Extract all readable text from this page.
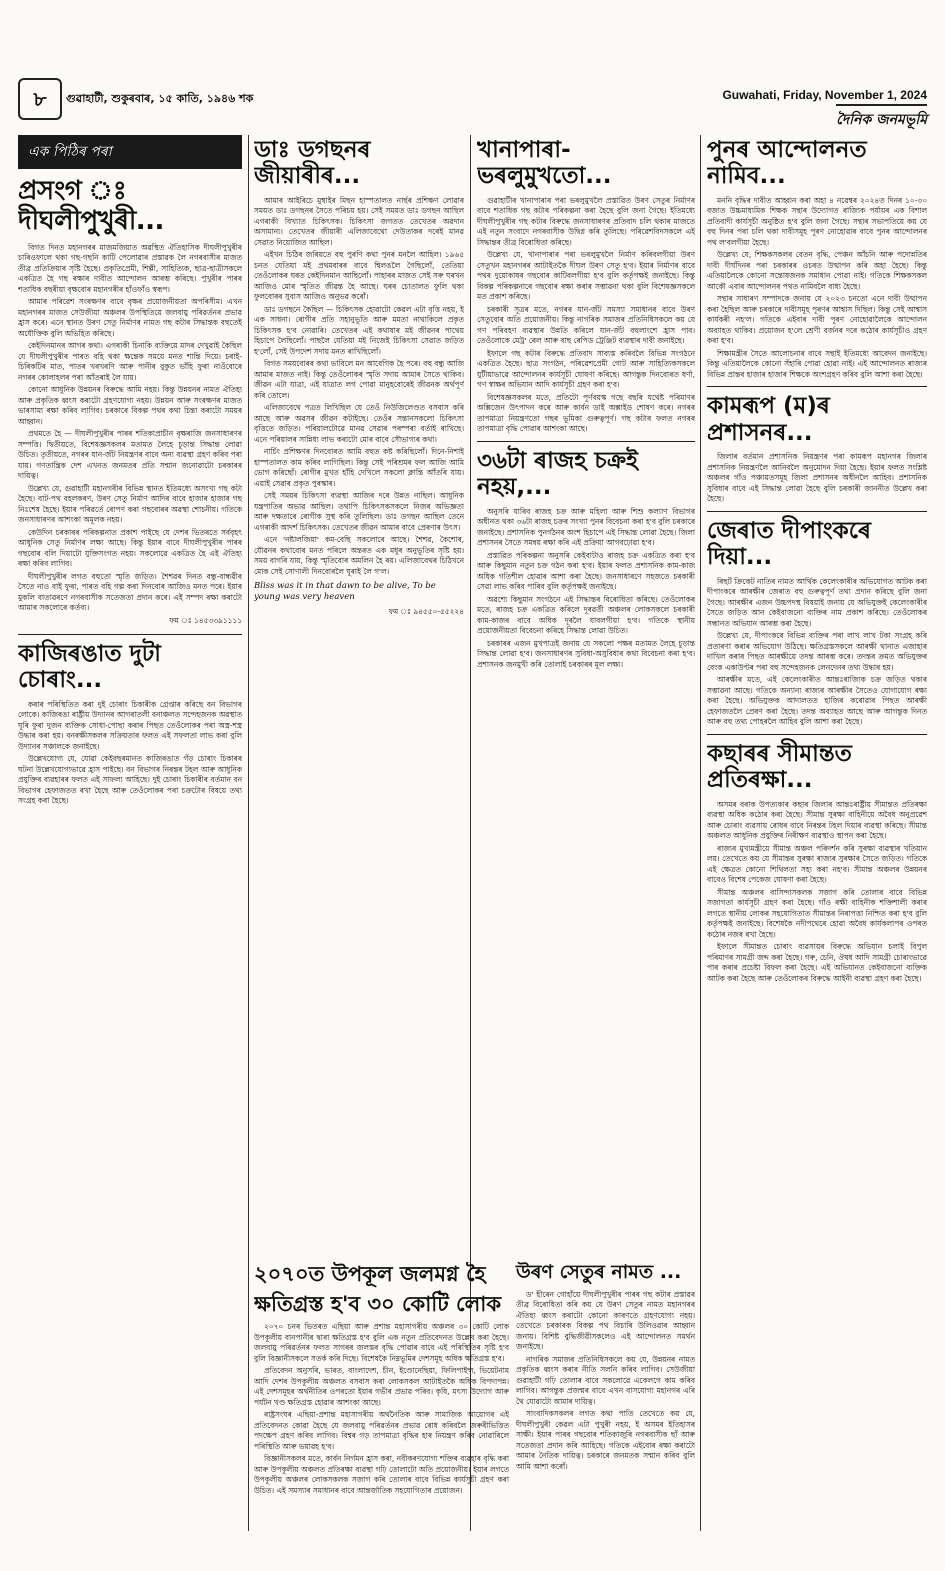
৮	গুৱাহাটী, শুকুৰবাৰ, ১৫ কাতি, ১৯৪৬ শক	Guwahati, Friday, November 1, 2024
দৈনিক জনমভূমি
এক পিঠিৰ পৰা
প্ৰসংগ ঃ দীঘলীপুখুৰী...

বিগত দিনত মহানগৰৰ মাজমজিয়াত অৱস্থিত ঐতিহাসিক দীঘলীপুখুৰীৰ চাৰিওফালে থকা গছ-গছনি কাটি পেলোৱাৰ প্ৰস্তাৱক লৈ নগৰবাসীৰ মাজত তীব্ৰ প্ৰতিক্ৰিয়াৰ সৃষ্টি হৈছে। প্ৰকৃতিপ্ৰেমী, শিল্পী, সাহিত্যিক, ছাত্ৰ-ছাত্ৰীসকলে একত্ৰিত হৈ গছ ৰক্ষাৰ দাবীত আন্দোলন আৰম্ভ কৰিছে। পুখুৰীৰ পাৰৰ শতাধিক বছৰীয়া বৃক্ষবোৰ মহানগৰীৰ হাঁওফাঁও স্বৰূপ।

আমাৰ পৰিৱেশ সংৰক্ষণৰ বাবে বৃক্ষৰ প্ৰয়োজনীয়তা অপৰিসীম। এখন মহানগৰৰ মাজত সেউজীয়া অঞ্চলৰ উপস্থিতিয়ে জলবায়ু পৰিৱৰ্তনৰ প্ৰভাৱ হ্ৰাস কৰে। এনে স্থানত উৰণ সেতু নিৰ্মাণৰ নামত গছ কটাৰ সিদ্ধান্তক বহুতেই অযৌক্তিক বুলি অভিহিত কৰিছে।

কেইদিনমানৰ আগৰ কথা। এগৰাকী চিনাকি ব্যক্তিয়ে মাদৰ দেখুৱাই কৈছিল যে দীঘলীপুখুৰীৰ পাৰত বহি থকা ক্ষন্তেক সময়ে মনত শান্তি দিয়ে। চৰাই-চিৰিকটিৰ মাত, পাতৰ খৰখৰণি আৰু পানীৰ বুকুত ভাঁহি ফুৰা নাওঁবোৰে নগৰৰ কোলাহলৰ পৰা আঁতৰাই লৈ যায়।

কোনো আধুনিক উন্নয়নৰ বিৰুদ্ধে আমি নহয়। কিন্তু উন্নয়নৰ নামত ঐতিহ্য আৰু প্ৰকৃতিক ধ্বংস কৰাটো গ্ৰহণযোগ্য নহয়। উন্নয়ন আৰু সংৰক্ষণৰ মাজত ভাৰসাম্য ৰক্ষা কৰিব লাগিব। চৰকাৰে বিকল্প পথৰ কথা চিন্তা কৰাটো সময়ৰ আহ্বান।

প্ৰথমতে হৈ — দীঘলীপুখুৰীৰ পাৰৰ শতিকাপ্ৰাচীন বৃক্ষৰাজি জনসাধাৰণৰ সম্পত্তি। দ্বিতীয়তে, বিশেষজ্ঞসকলৰ মতামত লৈহে চূড়ান্ত সিদ্ধান্ত লোৱা উচিত। তৃতীয়তে, নগৰৰ যান-জঁট নিয়ন্ত্ৰণৰ বাবে অন্য ব্যৱস্থা গ্ৰহণ কৰিব পৰা যায়। গণতান্ত্ৰিক দেশ এখনত জনমতৰ প্ৰতি সন্মান জনোৱাটো চৰকাৰৰ দায়িত্ব।

উল্লেখ্য যে, গুৱাহাটী মহানগৰীৰ বিভিন্ন স্থানত ইতিমধ্যে অসংখ্য গছ কটা হৈছে। বাট-পথ বহলকৰণ, উৰণ সেতু নিৰ্মাণ আদিৰ বাবে হাজাৰ হাজাৰ গছ নিঃশেষ হৈছে। ইয়াৰ পৰিৱৰ্তে ৰোপণ কৰা গছবোৰৰ অৱস্থা শোচনীয়। গতিকে জনসাধাৰণৰ আশংকা অমূলক নহয়।

কেউদিন চৰকাৰৰ পৰিকল্পনাত প্ৰকাশ পাইছে যে দেশৰ ভিতৰতে সৰ্ববৃহৎ আধুনিক সেতু নিৰ্মাণৰ লক্ষ্য আছে। কিন্তু ইয়াৰ বাবে দীঘলীপুখুৰীৰ পাৰৰ গছবোৰ বলি দিয়াটো যুক্তিসংগত নহয়। সকলোৱে একত্ৰিত হৈ এই ঐতিহ্য ৰক্ষা কৰিব লাগিব।

দীঘলীপুখুৰীৰ লগত বহুতো স্মৃতি জড়িত। শৈশৱৰ দিনত বন্ধু-বান্ধৱীৰ সৈতে নাও বাই ফুৰা, পাৰত বহি গল্প কৰা দিনবোৰ আজিও মনত পৰে। ইয়াৰ মুকলি বাতাৱৰণে নগৰবাসীক সতেজতা প্ৰদান কৰে। এই সম্পদ ৰক্ষা কৰাটো আমাৰ সকলোৰে কৰ্তব্য।

ফম ঃ ১৪৫৩৩৯১১১১
কাজিৰঙাত দুটা চোৰাং...

কৰাৰ পৰিস্থিতিত কৰা দুই চোৰাং চিকাৰীক গ্ৰেপ্তাৰ কৰিছে বন বিভাগৰ লোকে। কাজিৰঙা ৰাষ্ট্ৰীয় উদ্যানৰ আগৰাতলী বনাঞ্চলত সন্দেহজনক অৱস্থাত ঘূৰি ফুৰা দুজন ব্যক্তিক সোধা-পোছা কৰাৰ পিছত তেওঁলোকৰ পৰা অস্ত্ৰ-শস্ত্ৰ উদ্ধাৰ কৰা হয়। বনৰক্ষীসকলৰ সক্ৰিয়তাৰ ফলত এই সফলতা লাভ কৰা বুলি উদ্যানৰ সঞ্চালকে জনাইছে।

উল্লেখযোগ্য যে, যোৱা কেইবছৰমানত কাজিৰঙাত গঁড় চোৰাং চিকাৰৰ ঘটনা উল্লেখযোগ্যভাৱে হ্ৰাস পাইছে। বন বিভাগৰ নিৰন্তৰ টহল আৰু আধুনিক প্ৰযুক্তিৰ ব্যৱহাৰৰ ফলত এই সাফল্য আহিছে। দুই চোৰাং চিকাৰীৰ বৰ্তমান বন বিভাগৰ হেফাজতত ৰখা হৈছে আৰু তেওঁলোকৰ পৰা চক্ৰটোৰ বিষয়ে তথ্য সংগ্ৰহ কৰা হৈছে।

ডাঃ ডগছনৰ জীয়াৰীৰ...

আমাৰ আইৰিচে মুম্বাইৰ মিছন হাস্পতালত নাৰ্ছৰ প্ৰশিক্ষণ লোৱাৰ সময়ত ডাঃ ডগছনৰ সৈতে পৰিচয় হয়। সেই সময়ত ডাঃ ডগছন আছিল এগৰাকী বিখ্যাত চিকিৎসক। চিকিৎসা জগতত তেখেতৰ অৱদান অসামান্য। তেখেতৰ জীয়াৰী এলিজাবেথো দেউতাকৰ দৰেই মানৱ সেৱাত নিয়োজিত আছিল।

এইখন চিঠিৰ জৰিয়তে বহু পুৰণি কথা পুনৰ মনলৈ আহিল। ১৯৬৫ চনত যেতিয়া মই প্ৰথমবাৰৰ বাবে শ্বিলঙলৈ গৈছিলোঁ, তেতিয়া তেওঁলোকৰ ঘৰত কেইদিনমান আছিলোঁ। পাহাৰৰ মাজত সেই সৰু ঘৰখন আজিও মোৰ স্মৃতিত জীৱন্ত হৈ আছে। ঘৰৰ চোতালত ফুলি থকা ফুলবোৰৰ সুবাস আজিও অনুভৱ কৰোঁ।

ডাঃ ডগছনে কৈছিল — চিকিৎসক হোৱাটো কেৱল এটা বৃত্তি নহয়, ই এক সাধনা। ৰোগীৰ প্ৰতি সহানুভূতি আৰু মমতা নাথাকিলে প্ৰকৃত চিকিৎসক হ'ব নোৱাৰি। তেখেতৰ এই কথাষাৰ মই জীৱনৰ পাথেয় হিচাপে লৈছিলোঁ। পাছলৈ যেতিয়া মই নিজেই চিকিৎসা সেৱাত জড়িত হ'লোঁ, সেই উপদেশ সদায় মনত ৰাখিছিলোঁ।

বিগত সময়বোৰৰ কথা ভাবিলে মন আবেগিক হৈ পৰে। বহু বন্ধু আজি আমাৰ মাজত নাই। কিন্তু তেওঁলোকৰ স্মৃতি সদায় আমাৰ সৈতে থাকিব। জীৱন এটা যাত্ৰা, এই যাত্ৰাত লগ পোৱা মানুহবোৰেই জীৱনক অৰ্থপূৰ্ণ কৰি তোলে।

এলিজাবেথে পত্ৰত লিখিছিল যে তেওঁ নিউজিলেণ্ডত বসবাস কৰি আছে আৰু অৱসৰ জীৱন কটাইছে। তেওঁৰ সন্তানসকলো চিকিৎসা বৃত্তিতে জড়িত। পৰিয়ালটোৱে মানৱ সেৱাৰ পৰম্পৰা বৰ্তাই ৰাখিছে। এনে পৰিয়ালৰ সান্নিধ্য লাভ কৰাটো মোৰ বাবে সৌভাগ্যৰ কথা।

নাৰ্চিং প্ৰশিক্ষণৰ দিনবোৰত আমি বহুত কষ্ট কৰিছিলোঁ। দিনে-নিশাই হাস্পতালত কাম কৰিব লাগিছিল। কিন্তু সেই পৰিশ্ৰমৰ ফল আজি আমি ভোগ কৰিছোঁ। ৰোগীৰ মুখত হাঁহি দেখিলে সকলো ক্লান্তি আঁতৰি যায়। এয়াই সেৱাৰ প্ৰকৃত পুৰস্কাৰ।

সেই সময়ৰ চিকিৎসা ব্যৱস্থা আজিৰ দৰে উন্নত নাছিল। আধুনিক যন্ত্ৰপাতিৰ অভাৱ আছিল। তথাপি চিকিৎসকসকলে নিজৰ অভিজ্ঞতা আৰু দক্ষতাৰে ৰোগীক সুস্থ কৰি তুলিছিল। ডাঃ ডগছন আছিল তেনে এগৰাকী আদৰ্শ চিকিৎসক। তেখেতৰ জীৱন আমাৰ বাবে প্ৰেৰণাৰ উৎস।

এনে 'নষ্টালজিয়া' কম-বেছি সকলোৰে আছে। শৈশৱ, কৈশোৰ, যৌৱনৰ কথাবোৰ মনত পৰিলে অন্তৰত এক মধুৰ অনুভূতিৰ সৃষ্টি হয়। সময় বাগৰি যায়, কিন্তু স্মৃতিবোৰ অমলিন হৈ ৰয়। এলিজাবেথৰ চিঠিখনে মোক সেই সোণালী দিনবোৰলৈ ঘূৰাই লৈ গ'ল।

Bliss was it in that dawn to be alive, To be young was very heaven
ফম ঃ ৯৪৫৫০-৫৫২২৪
খানাপাৰা-ভৰলুমুখতো...

গুৱাহাটীৰ খানাপাৰাৰ পৰা ভৰলুমুখলৈ প্ৰস্তাৱিত উৰণ সেতুৰ নিৰ্মাণৰ বাবে শতাধিক গছ কটাৰ পৰিকল্পনা কৰা হৈছে বুলি জনা গৈছে। ইতিমধ্যে দীঘলীপুখুৰীৰ গছ কটাৰ বিৰুদ্ধে জনসাধাৰণৰ প্ৰতিবাদ চলি থকাৰ মাজতে এই নতুন সংবাদে নগৰবাসীক উদ্বিগ্ন কৰি তুলিছে। পৰিৱেশবিদসকলে এই সিদ্ধান্তৰ তীব্ৰ বিৰোধিতা কৰিছে।

উল্লেখ্য যে, খানাপাৰাৰ পৰা ভৰলুমুখলৈ নিৰ্মাণ কৰিবলগীয়া উৰণ সেতুখন মহানগৰৰ আটাইতকৈ দীঘল উৰণ সেতু হ'ব। ইয়াৰ নিৰ্মাণৰ বাবে পথৰ দুয়োকাষৰ গছবোৰ কাটিবলগীয়া হ'ব বুলি কৰ্তৃপক্ষই জনাইছে। কিন্তু বিকল্প পৰিকল্পনাৰে গছবোৰ ৰক্ষা কৰাৰ সম্ভাৱনা থকা বুলি বিশেষজ্ঞসকলে মত প্ৰকাশ কৰিছে।

চৰকাৰী সূত্ৰৰ মতে, নগৰৰ যান-জঁট সমস্যা সমাধানৰ বাবে উৰণ সেতুবোৰ অতি প্ৰয়োজনীয়। কিন্তু নাগৰিক সমাজৰ প্ৰতিনিধিসকলে কয় যে গণ পৰিবহণ ব্যৱস্থাৰ উন্নতি কৰিলে যান-জঁট বহুলাংশে হ্ৰাস পাব। তেওঁলোকে মেট্ৰ' ৰেল আৰু বাছ ৰেপিড ট্ৰেঞ্জিট ব্যৱস্থাৰ দাবী জনাইছে।

ইফালে গছ কটাৰ বিৰুদ্ধে প্ৰতিবাদ সাব্যস্ত কৰিবলৈ বিভিন্ন সংগঠনে একত্ৰিত হৈছে। ছাত্ৰ সংগঠন, পৰিৱেশপ্ৰেমী গোট আৰু সাহিত্যিকসকলে যুটীয়াভাৱে আন্দোলনৰ কাৰ্যসূচী ঘোষণা কৰিছে। আগন্তুক দিনবোৰত ধৰ্ণা, গণ স্বাক্ষৰ অভিযান আদি কাৰ্যসূচী গ্ৰহণ কৰা হ'ব।

বিশেষজ্ঞসকলৰ মতে, প্ৰতিটো পূৰ্ণবয়স্ক গছে বছৰি যথেষ্ট পৰিমাণৰ অক্সিজেন উৎপাদন কৰে আৰু কাৰ্বন ডাই অক্সাইড শোষণ কৰে। নগৰৰ তাপমাত্ৰা নিয়ন্ত্ৰণতো গছৰ ভূমিকা গুৰুত্বপূৰ্ণ। গছ কটাৰ ফলত নগৰৰ তাপমাত্ৰা বৃদ্ধি পোৱাৰ আশংকা আছে।

৩৬টা ৰাজহ চক্ৰই নহয়,...

অনুসৰি যাৰিব ৰাজহ চক্ৰ আৰু মহিলা আৰু শিশু কল্যাণ বিভাগৰ অধীনত থকা ৩৬টা ৰাজহ চক্ৰৰ সংখ্যা পুনৰ বিবেচনা কৰা হ'ব বুলি চৰকাৰে জনাইছে। প্ৰশাসনিক পুনৰ্গঠনৰ অংশ হিচাপে এই সিদ্ধান্ত লোৱা হৈছে। জিলা প্ৰশাসনৰ সৈতে সমন্বয় ৰক্ষা কৰি এই প্ৰক্ৰিয়া আগবঢ়োৱা হ'ব।

প্ৰস্তাৱিত পৰিকল্পনা অনুসৰি কেইবাটাও ৰাজহ চক্ৰ একত্ৰিত কৰা হ'ব আৰু কিছুমান নতুন চক্ৰ গঠন কৰা হ'ব। ইয়াৰ ফলত প্ৰশাসনিক কাম-কাজ অধিক গতিশীল হোৱাৰ আশা কৰা হৈছে। জনসাধাৰণে সহজতে চৰকাৰী সেৱা লাভ কৰিব পাৰিব বুলি কৰ্তৃপক্ষই জনাইছে।

অৱশ্যে কিছুমান সংগঠনে এই সিদ্ধান্তৰ বিৰোধিতা কৰিছে। তেওঁলোকৰ মতে, ৰাজহ চক্ৰ একত্ৰিত কৰিলে দূৰৱৰ্তী অঞ্চলৰ লোকসকলে চৰকাৰী কাম-কাজৰ বাবে অধিক দূৰলৈ যাবলগীয়া হ'ব। গতিকে স্থানীয় প্ৰয়োজনীয়তা বিবেচনা কৰিহে সিদ্ধান্ত লোৱা উচিত।

চৰকাৰৰ এজন মুখপাত্ৰই জনায় যে সকলো পক্ষৰ মতামত লৈহে চূড়ান্ত সিদ্ধান্ত লোৱা হ'ব। জনসাধাৰণৰ সুবিধা-অসুবিধাৰ কথা বিবেচনা কৰা হ'ব। প্ৰশাসনক জনমুখী কৰি তোলাই চৰকাৰৰ মূল লক্ষ্য।

২০৭০ত উপকূল জলমগ্ন হৈ
ক্ষতিগ্ৰস্ত হ'ব ৩০ কোটি লোক

২০৭০ চনৰ ভিতৰত এছিয়া আৰু প্ৰশান্ত মহাসাগৰীয় অঞ্চলৰ ৩০ কোটি লোক উপকূলীয় বানপানীৰ দ্বাৰা ক্ষতিগ্ৰস্ত হ'ব বুলি এক নতুন প্ৰতিবেদনত উল্লেখ কৰা হৈছে। জলবায়ু পৰিৱৰ্তনৰ ফলত সাগৰৰ জলস্তৰ বৃদ্ধি পোৱাৰ বাবে এই পৰিস্থিতিৰ সৃষ্টি হ'ব বুলি বিজ্ঞানীসকলে সতৰ্ক কৰি দিছে। বিশেষকৈ নিম্নভূমিৰ দেশসমূহ অধিক ক্ষতিগ্ৰস্ত হ'ব।

প্ৰতিবেদন অনুসৰি, ভাৰত, বাংলাদেশ, চীন, ইণ্ডোনেছিয়া, ফিলিপাইন্স, ভিয়েটনাম আদি দেশৰ উপকূলীয় অঞ্চলত বসবাস কৰা লোকসকল আটাইতকৈ অধিক বিপদাপন্ন। এই দেশসমূহৰ অৰ্থনীতিৰ ওপৰতো ইয়াৰ গভীৰ প্ৰভাৱ পৰিব। কৃষি, মৎস্য উদ্যোগ আৰু পৰ্যটন খণ্ড ক্ষতিগ্ৰস্ত হোৱাৰ আশংকা আছে।

ৰাষ্ট্ৰসংঘৰ এছিয়া-প্ৰশান্ত মহাসাগৰীয় অৰ্থনৈতিক আৰু সামাজিক আয়োগৰ এই প্ৰতিবেদনত কোৱা হৈছে যে জলবায়ু পৰিৱৰ্তনৰ প্ৰভাৱ ৰোধ কৰিবলৈ জৰুৰীভিত্তিত পদক্ষেপ গ্ৰহণ কৰিব লাগিব। বিশ্বৰ গড় তাপমাত্ৰা বৃদ্ধিৰ হাৰ নিয়ন্ত্ৰণ কৰিব নোৱাৰিলে পৰিস্থিতি আৰু ভয়াৱহ হ'ব।

বিজ্ঞানীসকলৰ মতে, কাৰ্বন নিৰ্গমন হ্ৰাস কৰা, নবীকৰণযোগ্য শক্তিৰ ব্যৱহাৰ বৃদ্ধি কৰা আৰু উপকূলীয় অঞ্চলত প্ৰতিৰক্ষা ব্যৱস্থা গঢ়ি তোলাটো অতি প্ৰয়োজনীয়। ইয়াৰ লগতে উপকূলীয় অঞ্চলৰ লোকসকলক সজাগ কৰি তোলাৰ বাবে বিভিন্ন কাৰ্যসূচী গ্ৰহণ কৰা উচিত। এই সমস্যাৰ সমাধানৰ বাবে আন্তৰ্জাতিক সহযোগিতাৰ প্ৰয়োজন।

উৰণ সেতুৰ নামত ...

ড' হীৰেন গোহাঁয়ে দীঘলীপুখুৰীৰ পাৰৰ গছ কটাৰ প্ৰস্তাৱৰ তীব্ৰ বিৰোধিতা কৰি কয় যে উৰণ সেতুৰ নামত মহানগৰৰ ঐতিহ্য ধ্বংস কৰাটো কোনো কাৰণতে গ্ৰহণযোগ্য নহয়। তেখেতে চৰকাৰক বিকল্প পথ বিচাৰি উলিওৱাৰ আহ্বান জনায়। বিশিষ্ট বুদ্ধিজীৱীসকলেও এই আন্দোলনত সমৰ্থন জনাইছে।

নাগৰিক সমাজৰ প্ৰতিনিধিসকলে কয় যে, উন্নয়নৰ নামত প্ৰকৃতিক ধ্বংস কৰাৰ নীতি সলনি কৰিব লাগিব। সেউজীয়া গুৱাহাটী গঢ়ি তোলাৰ বাবে সকলোৱে একেলগে কাম কৰিব লাগিব। আগন্তুক প্ৰজন্মৰ বাবে এখন বাসযোগ্য মহানগৰ এৰি থৈ যোৱাটো আমাৰ দায়িত্ব।

সাংবাদিকসকলৰ লগত কথা পাতি তেখেতে কয় যে, দীঘলীপুখুৰী কেৱল এটা পুখুৰী নহয়, ই অসমৰ ইতিহাসৰ সাক্ষী। ইয়াৰ পাৰৰ গছবোৰ শতিকাজুৰি নগৰবাসীক ছাঁ আৰু সতেজতা প্ৰদান কৰি আহিছে। গতিকে এইবোৰ ৰক্ষা কৰাটো আমাৰ নৈতিক দায়িত্ব। চৰকাৰে জনমতক সন্মান কৰিব বুলি আমি আশা কৰোঁ।

পুনৰ আন্দোলনত নামিব...

মননি বৃদ্ধিৰ দাবীত আহ্বান কৰা অহা ৪ নৱেম্বৰ ২০২৪ত দিনৰ ১০-৩০ বজাত উচ্চমাধ্যমিক শিক্ষক সন্থাৰ উদ্যোগত ৰাজ্যিক পৰ্যায়ৰ এক বিশাল প্ৰতিবাদী কাৰ্যসূচী অনুষ্ঠিত হ'ব বুলি জনা গৈছে। সন্থাৰ সভাপতিয়ে কয় যে বহু দিনৰ পৰা চলি থকা দাবীসমূহ পূৰণ নোহোৱাৰ বাবে পুনৰ আন্দোলনৰ পথ ল'বলগীয়া হৈছে।

উল্লেখ্য যে, শিক্ষকসকলৰ বেতন বৃদ্ধি, পেঞ্চন আঁচনি আৰু পদোন্নতিৰ দাবী দীৰ্ঘদিনৰ পৰা চৰকাৰৰ ওচৰত উত্থাপন কৰি অহা হৈছে। কিন্তু এতিয়ালৈকে কোনো সন্তোষজনক সমাধান পোৱা নাই। গতিকে শিক্ষকসকল আকৌ এবাৰ আন্দোলনৰ পথত নামিবলৈ বাধ্য হৈছে।

সন্থাৰ সাধাৰণ সম্পাদকে জনায় যে ২০২৩ চনতো এনে দাবী উত্থাপন কৰা হৈছিল আৰু চৰকাৰে দাবীসমূহ পূৰণৰ আশ্বাস দিছিল। কিন্তু সেই আশ্বাস কাৰ্যকৰী নহ'ল। গতিকে এইবাৰ দাবী পূৰণ নোহোৱালৈকে আন্দোলন অব্যাহত থাকিব। প্ৰয়োজন হ'লে শ্ৰেণী বৰ্জনৰ দৰে কঠোৰ কাৰ্যসূচীও গ্ৰহণ কৰা হ'ব।

শিক্ষামন্ত্ৰীৰ সৈতে আলোচনাৰ বাবে সন্থাই ইতিমধ্যে আবেদন জনাইছে। কিন্তু এতিয়ালৈকে কোনো সঁহাৰি পোৱা হোৱা নাই। এই আন্দোলনত ৰাজ্যৰ বিভিন্ন প্ৰান্তৰ হাজাৰ হাজাৰ শিক্ষকে অংশগ্ৰহণ কৰিব বুলি আশা কৰা হৈছে।

কামৰূপ (ম)ৰ প্ৰশাসনৰ...

জিলাৰ বৰ্তমান প্ৰশাসনিক নিয়ন্ত্ৰণৰ পৰা কামৰূপ মহানগৰ জিলাৰ প্ৰশাসনিক নিয়ন্ত্ৰণলৈ আনিবলৈ অনুমোদন দিয়া হৈছে। ইয়াৰ ফলত সংশ্লিষ্ট অঞ্চলৰ গাঁও পঞ্চায়তসমূহ জিলা প্ৰশাসনৰ অধীনলৈ আহিব। প্ৰশাসনিক সুবিধাৰ বাবে এই সিদ্ধান্ত লোৱা হৈছে বুলি চৰকাৰী জাননীত উল্লেখ কৰা হৈছে।

জেৰাত দীপাংকৰে দিয়া...

ৰিছৰ্ট ক্ৰিকেট নাতিৰ নামত আৰ্থিক কেলেংকাৰীৰ অভিযোগত আটক কৰা দীপাংকৰে আৰক্ষীৰ জেৰাত বহু গুৰুত্বপূৰ্ণ তথ্য প্ৰদান কৰিছে বুলি জনা গৈছে। আৰক্ষীৰ এজন উচ্চপদস্থ বিষয়াই জনায় যে অভিযুক্তই কেলেংকাৰীৰ সৈতে জড়িত আন কেইবাজনো ব্যক্তিৰ নাম প্ৰকাশ কৰিছে। তেওঁলোকৰ সন্ধানত অভিযান আৰম্ভ কৰা হৈছে।

উল্লেখ্য যে, দীপাংকৰে বিভিন্ন ব্যক্তিৰ পৰা লাখ লাখ টকা সংগ্ৰহ কৰি প্ৰতাৰণা কৰাৰ অভিযোগ উঠিছে। ক্ষতিগ্ৰস্তসকলে আৰক্ষী থানাত এজাহাৰ দাখিল কৰাৰ পিছত আৰক্ষীয়ে তদন্ত আৰম্ভ কৰে। তদন্তৰ ক্ৰমত অভিযুক্তৰ বেংক একাউণ্টৰ পৰা বহু সন্দেহজনক লেনদেনৰ তথ্য উদ্ধাৰ হয়।

আৰক্ষীৰ মতে, এই কেলেংকাৰীত আন্তঃৰাজ্যিক চক্ৰ জড়িত থকাৰ সম্ভাৱনা আছে। গতিকে অন্যান্য ৰাজ্যৰ আৰক্ষীৰ সৈতেও যোগাযোগ ৰক্ষা কৰা হৈছে। অভিযুক্তক আদালতত হাজিৰ কৰোৱাৰ পিছত আৰক্ষী হেফাজতলৈ প্ৰেৰণ কৰা হৈছে। তদন্ত অব্যাহত আছে আৰু আগন্তুক দিনত আৰু বহু তথ্য পোহৰলৈ আহিব বুলি আশা কৰা হৈছে।

কছাৰৰ সীমান্তত প্ৰতিৰক্ষা...

অসমৰ বৰাক উপত্যকাৰ কছাৰ জিলাৰ আন্তঃৰাষ্ট্ৰীয় সীমান্তত প্ৰতিৰক্ষা ব্যৱস্থা অধিক কঠোৰ কৰা হৈছে। সীমান্ত সুৰক্ষা বাহিনীয়ে অবৈধ অনুপ্ৰৱেশ আৰু চোৰাং ব্যৱসায় ৰোধৰ বাবে নিৰন্তৰ টহল দিয়াৰ ব্যৱস্থা কৰিছে। সীমান্ত অঞ্চলত আধুনিক প্ৰযুক্তিৰ নিৰীক্ষণ ব্যৱস্থাও স্থাপন কৰা হৈছে।

ৰাজ্যৰ মুখ্যমন্ত্ৰীয়ে সীমান্ত অঞ্চল পৰিদৰ্শন কৰি সুৰক্ষা ব্যৱস্থাৰ খতিয়ান লয়। তেখেতে কয় যে সীমান্তৰ সুৰক্ষা ৰাজ্যৰ সুৰক্ষাৰ সৈতে জড়িত। গতিকে এই ক্ষেত্ৰত কোনো শিথিলতা সহ্য কৰা নহ'ব। সীমান্ত অঞ্চলৰ উন্নয়নৰ বাবেও বিশেষ পেকেজ ঘোষণা কৰা হৈছে।

সীমান্ত অঞ্চলৰ বাসিন্দাসকলক সজাগ কৰি তোলাৰ বাবে বিভিন্ন সজাগতা কাৰ্যসূচী গ্ৰহণ কৰা হৈছে। গাঁও ৰক্ষী বাহিনীক শক্তিশালী কৰাৰ লগতে স্থানীয় লোকৰ সহযোগিতাত সীমান্তৰ নিৰাপত্তা নিশ্চিত কৰা হ'ব বুলি কৰ্তৃপক্ষই জনাইছে। বিশেষকৈ নদীপথেৰে হোৱা অবৈধ কাৰ্যকলাপৰ ওপৰত কঠোৰ নজৰ ৰখা হৈছে।

ইফালে সীমান্তত চোৰাং ব্যৱসায়ৰ বিৰুদ্ধে অভিযান চলাই বিপুল পৰিমাণৰ সামগ্ৰী জব্দ কৰা হৈছে। গৰু, চেনি, ঔষধ আদি সামগ্ৰী চোৰাংভাৱে পাৰ কৰাৰ প্ৰচেষ্টা বিফল কৰা হৈছে। এই অভিযানত কেইবাজনো ব্যক্তিক আটক কৰা হৈছে আৰু তেওঁলোকৰ বিৰুদ্ধে আইনী ব্যৱস্থা গ্ৰহণ কৰা হৈছে।
